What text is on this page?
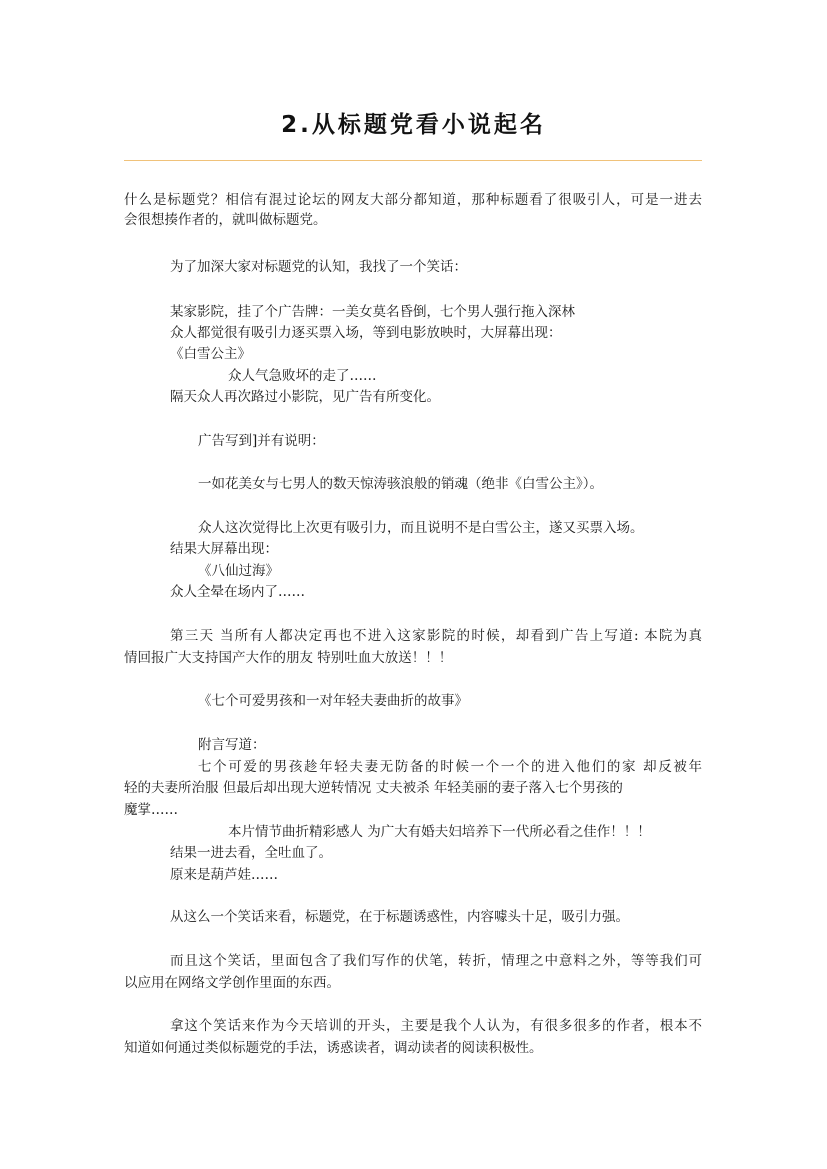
2.从标题党看小说起名
什么是标题党？相信有混过论坛的网友大部分都知道，那种标题看了很吸引人，可是一进去
会很想揍作者的，就叫做标题党。
为了加深大家对标题党的认知，我找了一个笑话：
某家影院，挂了个广告牌：一美女莫名昏倒，七个男人强行拖入深林
众人都觉很有吸引力逐买票入场，等到电影放映时，大屏幕出现：
《白雪公主》
众人气急败坏的走了……
隔天众人再次路过小影院，见广告有所变化。
广告写到]并有说明：
一如花美女与七男人的数天惊涛骇浪般的销魂（绝非《白雪公主》）。
众人这次觉得比上次更有吸引力，而且说明不是白雪公主，遂又买票入场。
结果大屏幕出现：
《八仙过海》
众人全晕在场内了……
第三天 当所有人都决定再也不进入这家影院的时候，却看到广告上写道: 本院为真
情回报广大支持国产大作的朋友 特别吐血大放送！！！
《七个可爱男孩和一对年轻夫妻曲折的故事》
附言写道：
七个可爱的男孩趁年轻夫妻无防备的时候一个一个的进入他们的家 却反被年
轻的夫妻所治服 但最后却出现大逆转情况 丈夫被杀 年轻美丽的妻子落入七个男孩的
魔掌……
本片情节曲折精彩感人 为广大有婚夫妇培养下一代所必看之佳作！！！
结果一进去看，全吐血了。
原来是葫芦娃……
从这么一个笑话来看，标题党，在于标题诱惑性，内容噱头十足，吸引力强。
而且这个笑话，里面包含了我们写作的伏笔，转折，情理之中意料之外，等等我们可
以应用在网络文学创作里面的东西。
拿这个笑话来作为今天培训的开头，主要是我个人认为，有很多很多的作者，根本不
知道如何通过类似标题党的手法，诱惑读者，调动读者的阅读积极性。
